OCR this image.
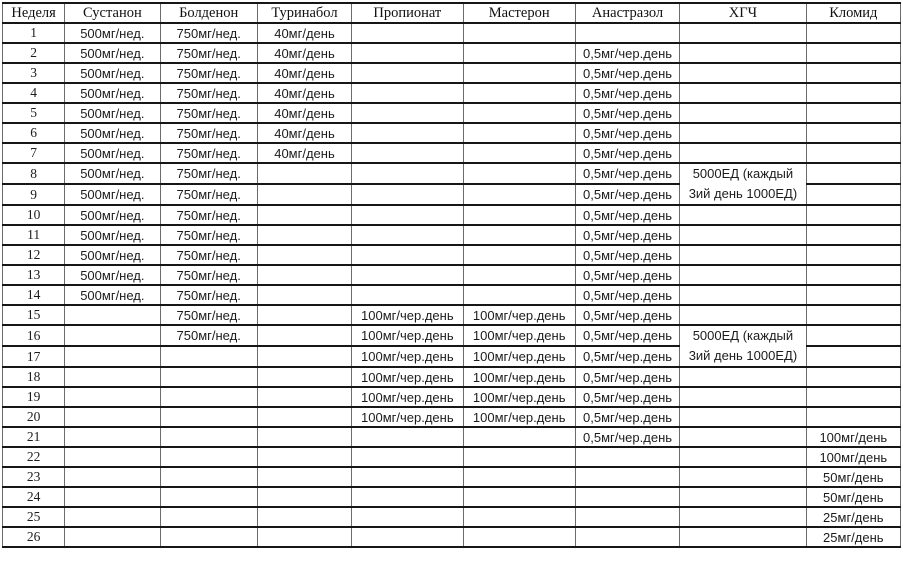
Неделя	Сустанон	Болденон	Туринабол	Пропионат	Мастерон	Анастразол	ХГЧ	Кломид
1	500мг/нед.	750мг/нед.	40мг/день					
2	500мг/нед.	750мг/нед.	40мг/день			0,5мг/чер.день		
3	500мг/нед.	750мг/нед.	40мг/день			0,5мг/чер.день		
4	500мг/нед.	750мг/нед.	40мг/день			0,5мг/чер.день		
5	500мг/нед.	750мг/нед.	40мг/день			0,5мг/чер.день		
6	500мг/нед.	750мг/нед.	40мг/день			0,5мг/чер.день		
7	500мг/нед.	750мг/нед.	40мг/день			0,5мг/чер.день		
8	500мг/нед.	750мг/нед.				0,5мг/чер.день	5000ЕД (каждый
3ий день 1000ЕД)	

9	500мг/нед.	750мг/нед.				0,5мг/чер.день		
10	500мг/нед.	750мг/нед.				0,5мг/чер.день		
11	500мг/нед.	750мг/нед.				0,5мг/чер.день		
12	500мг/нед.	750мг/нед.				0,5мг/чер.день		
13	500мг/нед.	750мг/нед.				0,5мг/чер.день		
14	500мг/нед.	750мг/нед.				0,5мг/чер.день		
15		750мг/нед.		100мг/чер.день	100мг/чер.день	0,5мг/чер.день		
16		750мг/нед.		100мг/чер.день	100мг/чер.день	0,5мг/чер.день	5000ЕД (каждый
3ий день 1000ЕД)	

17				100мг/чер.день	100мг/чер.день	0,5мг/чер.день		
18				100мг/чер.день	100мг/чер.день	0,5мг/чер.день		
19				100мг/чер.день	100мг/чер.день	0,5мг/чер.день		
20				100мг/чер.день	100мг/чер.день	0,5мг/чер.день		
21						0,5мг/чер.день		100мг/день
22								100мг/день
23								50мг/день
24								50мг/день
25								25мг/день
26								25мг/день
